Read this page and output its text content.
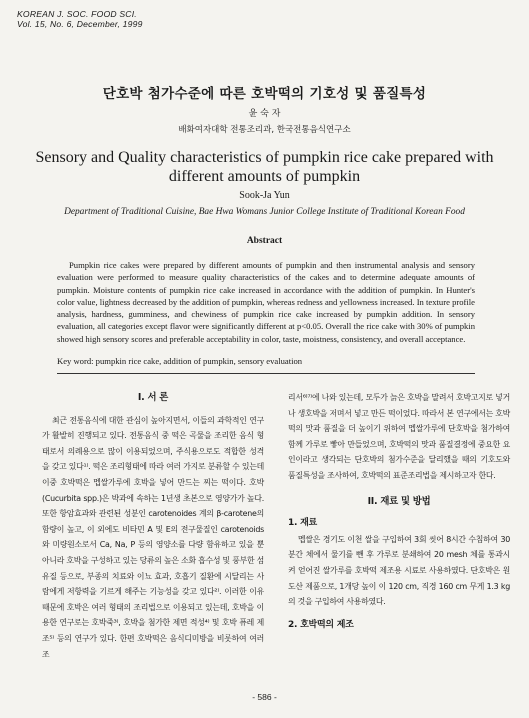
KOREAN J. SOC. FOOD SCI.
Vol. 15, No. 6, December, 1999
단호박 첨가수준에 따른 호박떡의 기호성 및 품질특성
윤 숙 자
배화여자대학 전통조리과, 한국전통음식연구소
Sensory and Quality characteristics of pumpkin rice cake prepared with different amounts of pumpkin
Sook-Ja Yun
Department of Traditional Cuisine, Bae Hwa Womans Junior College Institute of Traditional Korean Food
Abstract

Pumpkin rice cakes were prepared by different amounts of pumpkin and then instrumental analysis and sensory evaluation were performed to measure quality characteristics of the cakes and to determine adequate amounts of pumpkin. Moisture contents of pumpkin rice cake increased in accordance with the addition of pumpkin. In Hunter's color value, lightness decreased by the addition of pumpkin, whereas redness and yellowness increased. In texture profile analysis, hardness, gumminess, and chewiness of pumpkin rice cake increased by pumpkin addition. In sensory evaluation, all categories except flavor were significantly different at p<0.05. Overall the rice cake with 30% of pumpkin showed high sensory scores and preferable acceptability in color, taste, moistness, consistency, and overall acceptance.

Key word: pumpkin rice cake, addition of pumpkin, sensory evaluation
I. 서 론

최근 전통음식에 대한 관심이 높아지면서, 이들의 과학적인 연구가 활발히 진행되고 있다. 전통음식 중 떡은 곡물을 조리한 음식 형태로서 의례용으로 많이 이용되었으며, 주식용으로도 적합한 성격을 갖고 있다¹⁾. 떡은 조리형태에 따라 여러 가지로 분류할 수 있는데 이중 호박떡은 멥쌀가루에 호박을 넣어 만드는 찌는 떡이다. 호박(Cucurbita spp.)은 박과에 속하는 1년생 초본으로 영양가가 높다. 또한 항암효과와 관련된 성분인 carotenoides 계의 β-carotene의 함량이 높고, 이 외에도 비타민 A 및 E의 전구물질인 carotenoids와 미량원소로서 Ca, Na, P 등의 영양소를 다량 함유하고 있을 뿐 아니라 호박을 구성하고 있는 당류의 높은 소화 흡수성 및 풍부한 섬유질 등으로, 부종의 치료와 이뇨 효과, 호흡기 질환에 시달리는 사람에게 저항력을 기르게 해주는 기능성을 갖고 있다²⁾. 이러한 이유 때문에 호박은 여러 형태의 조리법으로 이용되고 있는데, 호박을 이용한 연구로는 호박죽³⁾, 호박을 첨가한 제면 적성⁴⁾ 및 호박 퓨레 제조⁵⁾ 등의 연구가 있다. 한편 호박떡은 음식디미방을 비롯하여 여러조

리서⁶⁾⁷⁾에 나와 있는데, 모두가 늙은 호박을 말려서 호박고지로 넣거나 생호박을 저며서 넣고 만든 떡이었다. 따라서 본 연구에서는 호박떡의 맛과 품질을 더 높이기 위하여 멥쌀가루에 단호박을 첨가하여 함께 가루로 빻아 만들었으며, 호박떡의 맛과 품질결정에 중요한 요인이라고 생각되는 단호박의 첨가수준을 달리했을 때의 기호도와 품질특성을 조사하여, 호박떡의 표준조리법을 제시하고자 한다.

II. 재료 및 방법
1. 재료

멥쌀은 경기도 이천 쌀을 구입하여 3회 씻어 8시간 수침하여 30분간 체에서 물기를 뺀 후 가루로 분쇄하여 20 mesh 체를 통과시켜 얻어진 쌀가루를 호박떡 제조용 시료로 사용하였다. 단호박은 원도산 제품으로, 1개당 높이 이 120 cm, 직경 160 cm 무게 1.3 kg의 것을 구입하여 사용하였다.

2. 호박떡의 제조
- 586 -
